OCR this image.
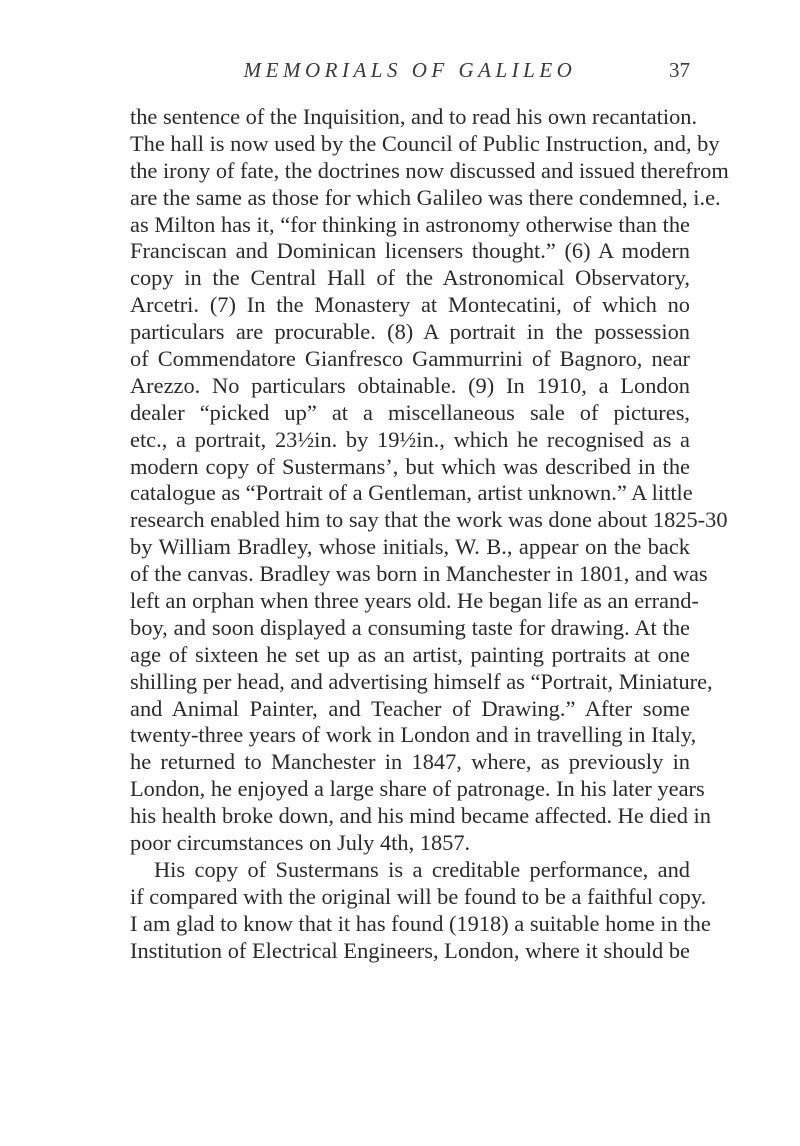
MEMORIALS OF GALILEO	37
the sentence of the Inquisition, and to read his own recantation.
The hall is now used by the Council of Public Instruction, and, by
the irony of fate, the doctrines now discussed and issued therefrom
are the same as those for which Galileo was there condemned, i.e.
as Milton has it, “for thinking in astronomy otherwise than the
Franciscan and Dominican licensers thought.” (6) A modern
copy in the Central Hall of the Astronomical Observatory,
Arcetri. (7) In the Monastery at Montecatini, of which no
particulars are procurable. (8) A portrait in the possession
of Commendatore Gianfresco Gammurrini of Bagnoro, near
Arezzo. No particulars obtainable. (9) In 1910, a London
dealer “picked up” at a miscellaneous sale of pictures,
etc., a portrait, 23½in. by 19½in., which he recognised as a
modern copy of Sustermans’, but which was described in the
catalogue as “Portrait of a Gentleman, artist unknown.” A little
research enabled him to say that the work was done about 1825-30
by William Bradley, whose initials, W. B., appear on the back
of the canvas. Bradley was born in Manchester in 1801, and was
left an orphan when three years old. He began life as an errand-
boy, and soon displayed a consuming taste for drawing. At the
age of sixteen he set up as an artist, painting portraits at one
shilling per head, and advertising himself as “Portrait, Miniature,
and Animal Painter, and Teacher of Drawing.” After some
twenty-three years of work in London and in travelling in Italy,
he returned to Manchester in 1847, where, as previously in
London, he enjoyed a large share of patronage. In his later years
his health broke down, and his mind became affected. He died in
poor circumstances on July 4th, 1857.
His copy of Sustermans is a creditable performance, and
if compared with the original will be found to be a faithful copy.
I am glad to know that it has found (1918) a suitable home in the
Institution of Electrical Engineers, London, where it should be
